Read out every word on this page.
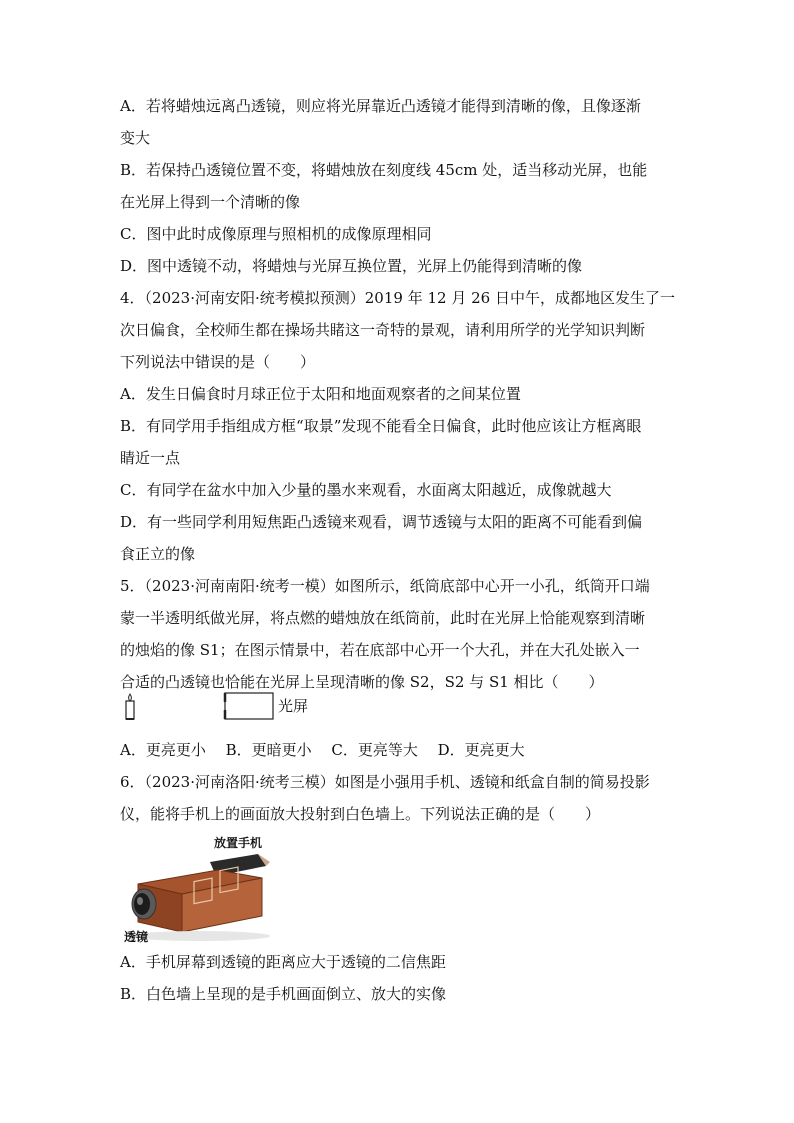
A．若将蜡烛远离凸透镜，则应将光屏靠近凸透镜才能得到清晰的像，且像逐渐
变大
B．若保持凸透镜位置不变，将蜡烛放在刻度线 45cm 处，适当移动光屏，也能
在光屏上得到一个清晰的像
C．图中此时成像原理与照相机的成像原理相同
D．图中透镜不动，将蜡烛与光屏互换位置，光屏上仍能得到清晰的像
4．（2023·河南安阳·统考模拟预测）2019 年 12 月 26 日中午，成都地区发生了一
次日偏食，全校师生都在操场共睹这一奇特的景观，请利用所学的光学知识判断
下列说法中错误的是（　　）
A．发生日偏食时月球正位于太阳和地面观察者的之间某位置
B．有同学用手指组成方框“取景”发现不能看全日偏食，此时他应该让方框离眼
睛近一点
C．有同学在盆水中加入少量的墨水来观看，水面离太阳越近，成像就越大
D．有一些同学利用短焦距凸透镜来观看，调节透镜与太阳的距离不可能看到偏
食正立的像
5．（2023·河南南阳·统考一模）如图所示，纸筒底部中心开一小孔，纸筒开口端
蒙一半透明纸做光屏，将点燃的蜡烛放在纸筒前，此时在光屏上恰能观察到清晰
的烛焰的像 S1；在图示情景中，若在底部中心开一个大孔，并在大孔处嵌入一
合适的凸透镜也恰能在光屏上呈现清晰的像 S2，S2 与 S1 相比（　　）
光屏
A．更亮更小　 B．更暗更小　 C．更亮等大　 D．更亮更大
6．（2023·河南洛阳·统考三模）如图是小强用手机、透镜和纸盒自制的简易投影
仪，能将手机上的画面放大投射到白色墙上。下列说法正确的是（　　）
放置手机
透镜
A．手机屏幕到透镜的距离应大于透镜的二信焦距
B．白色墙上呈现的是手机画面倒立、放大的实像
